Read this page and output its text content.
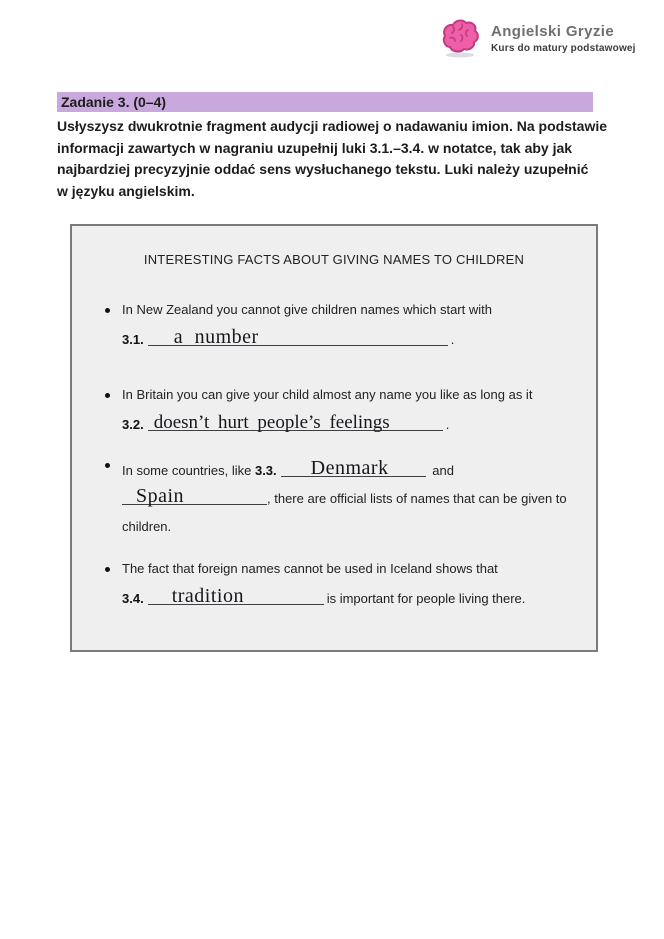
Angielski Gryzie
Kurs do matury podstawowej
Zadanie 3. (0–4)
Usłyszysz dwukrotnie fragment audycji radiowej o nadawaniu imion. Na podstawie
informacji zawartych w nagraniu uzupełnij luki 3.1.–3.4. w notatce, tak aby jak
najbardziej precyzyjnie oddać sens wysłuchanego tekstu. Luki należy uzupełnić
w języku angielskim.
INTERESTING FACTS ABOUT GIVING NAMES TO CHILDREN
In New Zealand you cannot give children names which start with
3.1. a number	.
In Britain you can give your child almost any name you like as long as it
3.2. doesn’t hurt people’s feelings	.
In some countries, like 3.3. Denmark	and
Spain	, there are official lists of names that can be given to
children.
The fact that foreign names cannot be used in Iceland shows that
3.4. tradition	is important for people living there.
